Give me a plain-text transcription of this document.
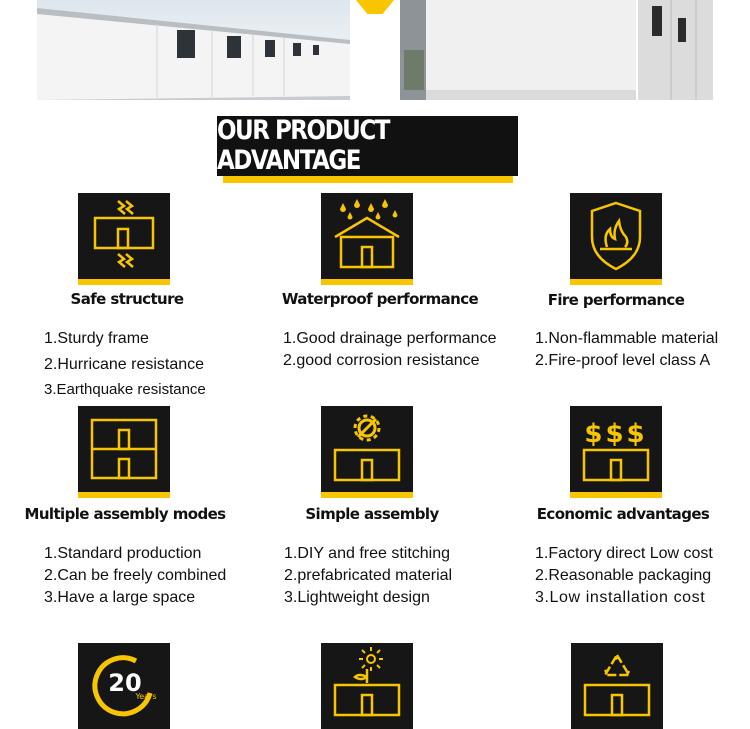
OUR PRODUCT ADVANTAGE
Safe structure
1.Sturdy frame
2.Hurricane resistance
3.Earthquake resistance
Waterproof performance
1.Good drainage performance
2.good corrosion resistance
Fire performance
1.Non-flammable material
2.Fire-proof level class A
Multiple assembly modes
1.Standard production
2.Can be freely combined
3.Have a large space
Simple assembly
1.DIY and free stitching
2.prefabricated material
3.Lightweight design
$$$
Economic advantages
1.Factory direct Low cost
2.Reasonable packaging
3.Low installation cost
20
Years
